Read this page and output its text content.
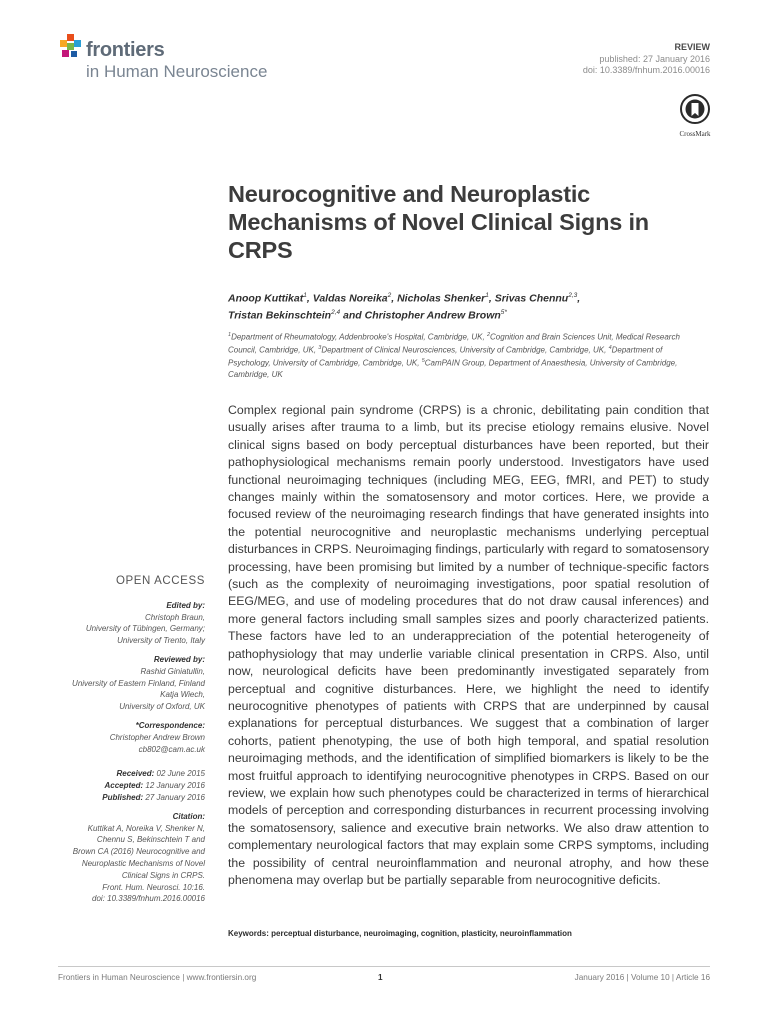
frontiers
in Human Neuroscience
REVIEW
published: 27 January 2016
doi: 10.3389/fnhum.2016.00016
CrossMark
Neurocognitive and Neuroplastic Mechanisms of Novel Clinical Signs in CRPS
Anoop Kuttikat$^1$, Valdas Noreika$^2$, Nicholas Shenker$^1$, Srivas Chennu$^{2,3}$,
Tristan Bekinschtein$^{2,4}$ and Christopher Andrew Brown$^{5*}$
$^1$Department of Rheumatology, Addenbrooke's Hospital, Cambridge, UK, $^2$Cognition and Brain Sciences Unit, Medical Research Council, Cambridge, UK, $^3$Department of Clinical Neurosciences, University of Cambridge, Cambridge, UK, $^4$Department of Psychology, University of Cambridge, Cambridge, UK, $^5$CamPAIN Group, Department of Anaesthesia, University of Cambridge, Cambridge, UK
Complex regional pain syndrome (CRPS) is a chronic, debilitating pain condition that usually arises after trauma to a limb, but its precise etiology remains elusive. Novel clinical signs based on body perceptual disturbances have been reported, but their pathophysiological mechanisms remain poorly understood. Investigators have used functional neuroimaging techniques (including MEG, EEG, fMRI, and PET) to study changes mainly within the somatosensory and motor cortices. Here, we provide a focused review of the neuroimaging research findings that have generated insights into the potential neurocognitive and neuroplastic mechanisms underlying perceptual disturbances in CRPS. Neuroimaging findings, particularly with regard to somatosensory processing, have been promising but limited by a number of technique-specific factors (such as the complexity of neuroimaging investigations, poor spatial resolution of EEG/MEG, and use of modeling procedures that do not draw causal inferences) and more general factors including small samples sizes and poorly characterized patients. These factors have led to an underappreciation of the potential heterogeneity of pathophysiology that may underlie variable clinical presentation in CRPS. Also, until now, neurological deficits have been predominantly investigated separately from perceptual and cognitive disturbances. Here, we highlight the need to identify neurocognitive phenotypes of patients with CRPS that are underpinned by causal explanations for perceptual disturbances. We suggest that a combination of larger cohorts, patient phenotyping, the use of both high temporal, and spatial resolution neuroimaging methods, and the identification of simplified biomarkers is likely to be the most fruitful approach to identifying neurocognitive phenotypes in CRPS. Based on our review, we explain how such phenotypes could be characterized in terms of hierarchical models of perception and corresponding disturbances in recurrent processing involving the somatosensory, salience and executive brain networks. We also draw attention to complementary neurological factors that may explain some CRPS symptoms, including the possibility of central neuroinflammation and neuronal atrophy, and how these phenomena may overlap but be partially separable from neurocognitive deficits.
Keywords: perceptual disturbance, neuroimaging, cognition, plasticity, neuroinflammation
OPEN ACCESS
Edited by:
Christoph Braun,
University of Tübingen, Germany;
University of Trento, Italy
Reviewed by:
Rashid Giniatullin,
University of Eastern Finland, Finland
Katja Wiech,
University of Oxford, UK
*Correspondence:
Christopher Andrew Brown
cb802@cam.ac.uk
Received: 02 June 2015
Accepted: 12 January 2016
Published: 27 January 2016
Citation:
Kuttikat A, Noreika V, Shenker N,
Chennu S, Bekinschtein T and
Brown CA (2016) Neurocognitive and
Neuroplastic Mechanisms of Novel
Clinical Signs in CRPS.
Front. Hum. Neurosci. 10:16.
doi: 10.3389/fnhum.2016.00016
Frontiers in Human Neuroscience | www.frontiersin.org	1	January 2016 | Volume 10 | Article 16
